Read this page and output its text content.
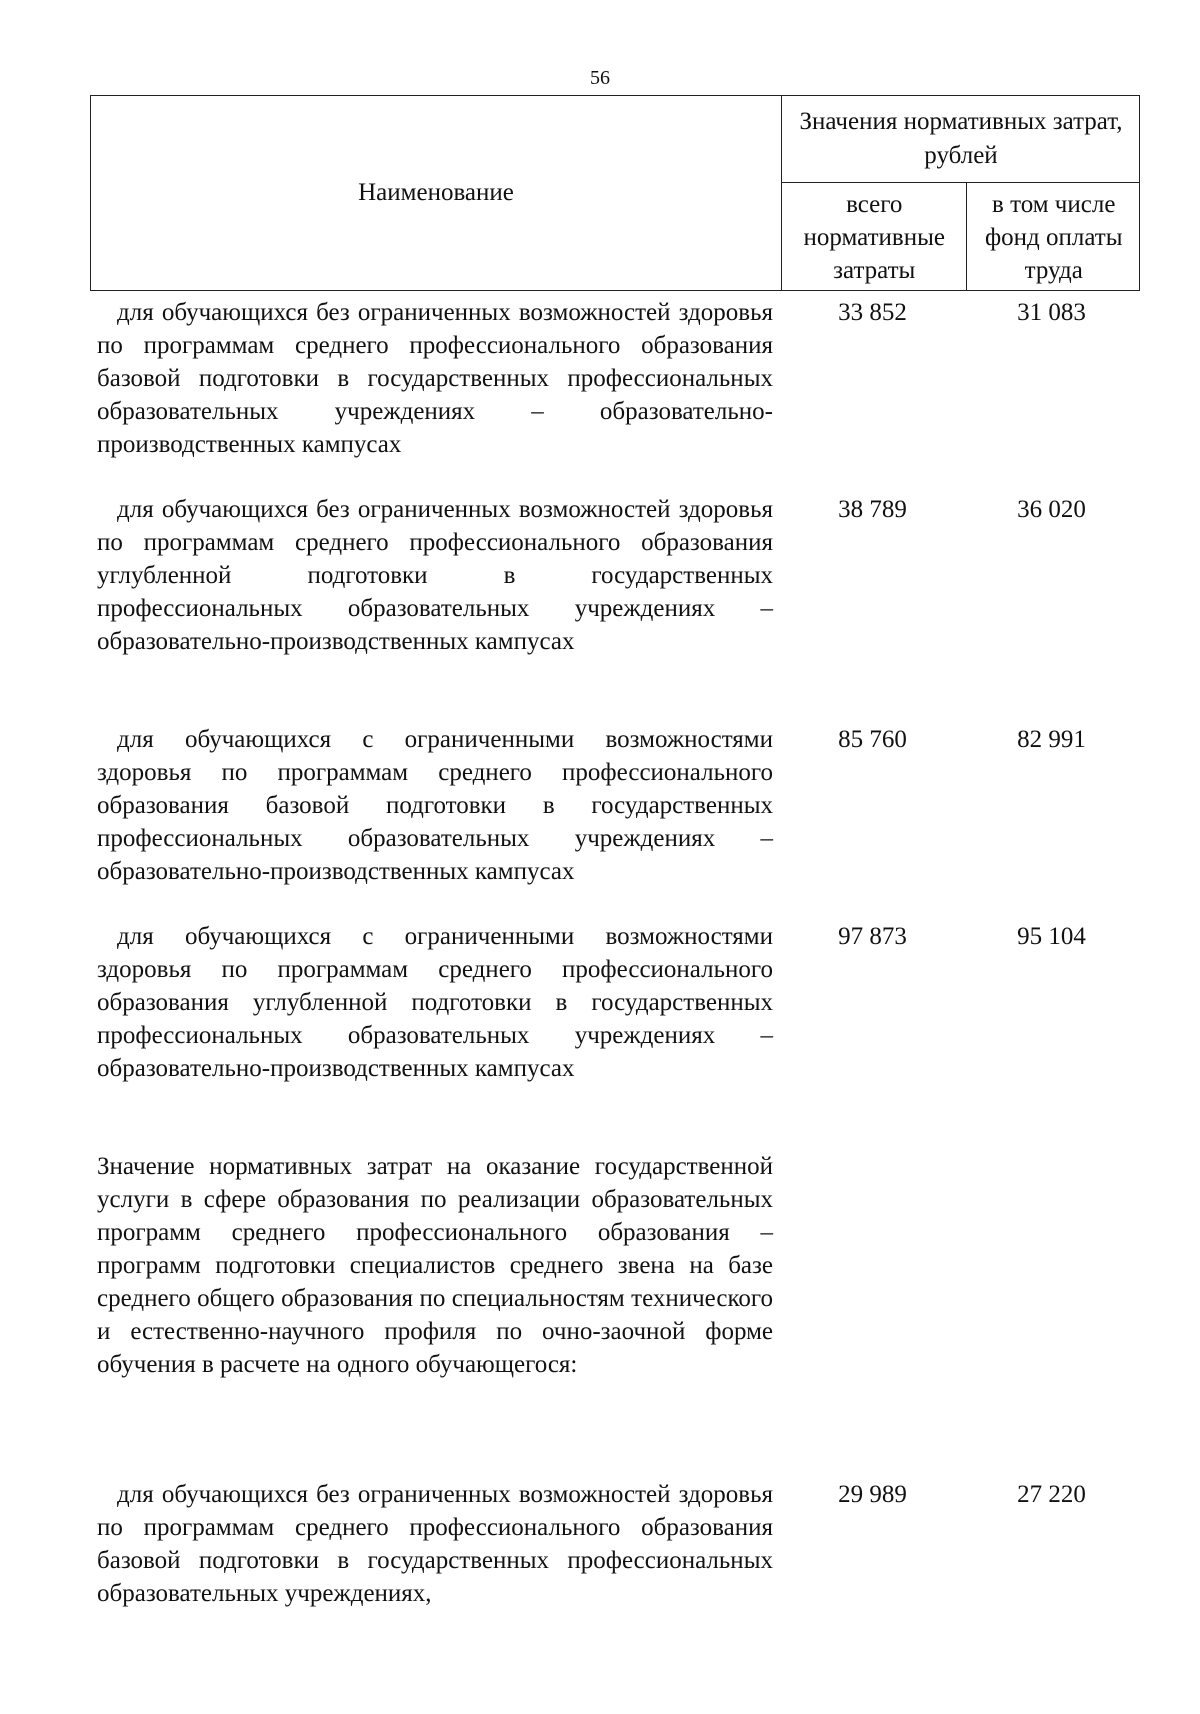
56
Наименование
Значения нормативных затрат, рублей
всего нормативные затраты
в том числе фонд оплаты труда
для обучающихся без ограниченных возможностей здоровья по программам среднего профессионального образования базовой подготовки в государственных профессиональных образовательных учреждениях – образовательно-производственных кампусах
33 852	31 083
для обучающихся без ограниченных возможностей здоровья по программам среднего профессионального образования углубленной подготовки в государственных профессиональных образовательных учреждениях – образовательно-производственных кампусах
38 789	36 020
для обучающихся с ограниченными возможностями здоровья по программам среднего профессионального образования базовой подготовки в государственных профессиональных образовательных учреждениях – образовательно-производственных кампусах
85 760	82 991
для обучающихся с ограниченными возможностями здоровья по программам среднего профессионального образования углубленной подготовки в государственных профессиональных образовательных учреждениях – образовательно-производственных кампусах
97 873	95 104
Значение нормативных затрат на оказание государственной услуги в сфере образования по реализации образовательных программ среднего профессионального образования – программ подготовки специалистов среднего звена на базе среднего общего образования по специальностям технического и естественно-научного профиля по очно-заочной форме обучения в расчете на одного обучающегося:
для обучающихся без ограниченных возможностей здоровья по программам среднего профессионального образования базовой подготовки в государственных профессиональных образовательных учреждениях,
29 989	27 220
